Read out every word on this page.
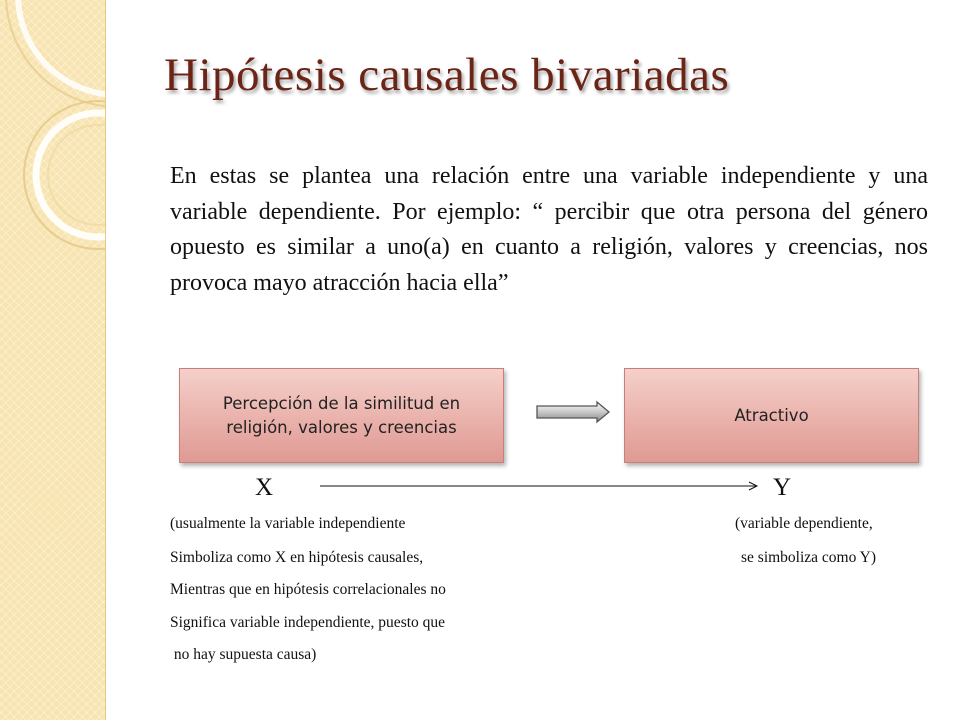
Hipótesis causales bivariadas

En estas se plantea una relación entre una variable independiente y una variable dependiente. Por ejemplo: “ percibir que otra persona del género opuesto es similar a uno(a) en cuanto a religión, valores y creencias, nos provoca mayo atracción hacia ella”

Percepción de la similitud en religión, valores y creencias
Atractivo
X	Y

(usualmente la variable independiente

Simboliza como X en hipótesis causales,

Mientras que en hipótesis correlacionales no

Significa variable independiente, puesto que

no hay supuesta causa)

(variable dependiente,

se simboliza como Y)
